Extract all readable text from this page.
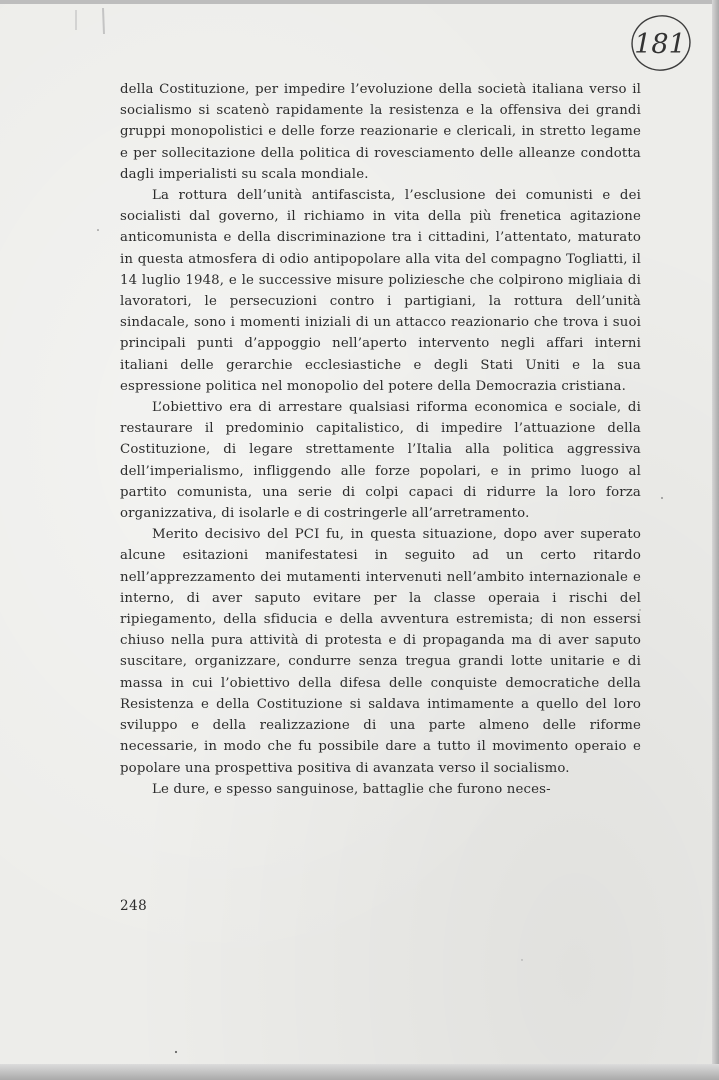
181

della Costituzione, per impedire l’evoluzione della società italiana verso il socialismo si scatenò rapidamente la resistenza e la offensiva dei grandi gruppi monopolistici e delle forze reazionarie e clericali, in stretto legame e per sollecitazione della politica di rovesciamento delle alleanze condotta dagli imperialisti su scala mondiale.

La rottura dell’unità antifascista, l’esclusione dei comunisti e dei socialisti dal governo, il richiamo in vita della più frenetica agitazione anticomunista e della discriminazione tra i cittadini, l’attentato, maturato in questa atmosfera di odio antipopolare alla vita del compagno Togliatti, il 14 luglio 1948, e le successive misure poliziesche che colpirono migliaia di lavoratori, le persecuzioni contro i partigiani, la rottura dell’unità sindacale, sono i momenti iniziali di un attacco reazionario che trova i suoi principali punti d’appoggio nell’aperto intervento negli affari interni italiani delle gerarchie ecclesiastiche e degli Stati Uniti e la sua espressione politica nel monopolio del potere della Democrazia cristiana.

L’obiettivo era di arrestare qualsiasi riforma economica e sociale, di restaurare il predominio capitalistico, di impedire l’attuazione della Costituzione, di legare strettamente l’Italia alla politica aggressiva dell’imperialismo, infliggendo alle forze popolari, e in primo luogo al partito comunista, una serie di colpi capaci di ridurre la loro forza organizzativa, di isolarle e di costringerle all’arretramento.

Merito decisivo del PCI fu, in questa situazione, dopo aver superato alcune esitazioni manifestatesi in seguito ad un certo ritardo nell’apprezzamento dei mutamenti intervenuti nell’ambito internazionale e interno, di aver saputo evitare per la classe operaia i rischi del ripiegamento, della sfiducia e della avventura estremista; di non essersi chiuso nella pura attività di protesta e di propaganda ma di aver saputo suscitare, organizzare, condurre senza tregua grandi lotte unitarie e di massa in cui l’obiettivo della difesa delle conquiste democratiche della Resistenza e della Costituzione si saldava intimamente a quello del loro sviluppo e della realizzazione di una parte almeno delle riforme necessarie, in modo che fu possibile dare a tutto il movimento operaio e popolare una prospettiva positiva di avanzata verso il socialismo.

Le dure, e spesso sanguinose, battaglie che furono neces-

248
